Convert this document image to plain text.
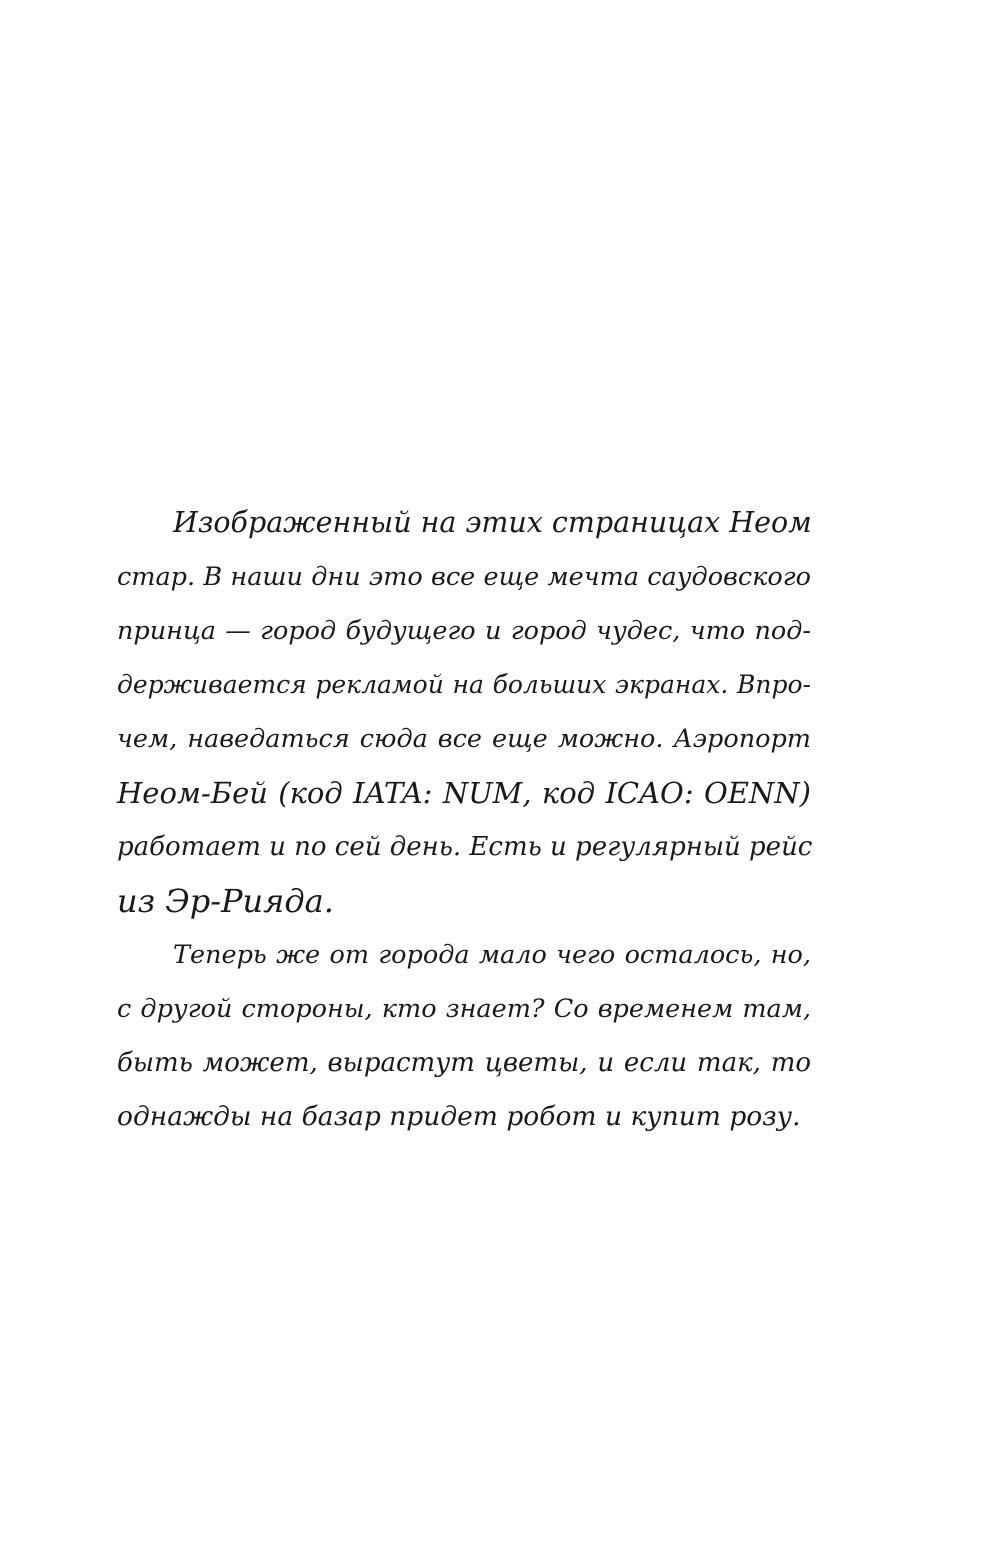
Изображенный на этих страницах Неом
стар. В наши дни это все еще мечта саудовского
принца — город будущего и город чудес, что под-
держивается рекламой на больших экранах. Впро-
чем, наведаться сюда все еще можно. Аэропорт
Неом-Бей (код IATA: NUM, код ICAO: OENN)
работает и по сей день. Есть и регулярный рейс
из Эр-Рияда.
Теперь же от города мало чего осталось, но,
с другой стороны, кто знает? Со временем там,
быть может, вырастут цветы, и если так, то
однажды на базар придет робот и купит розу.
